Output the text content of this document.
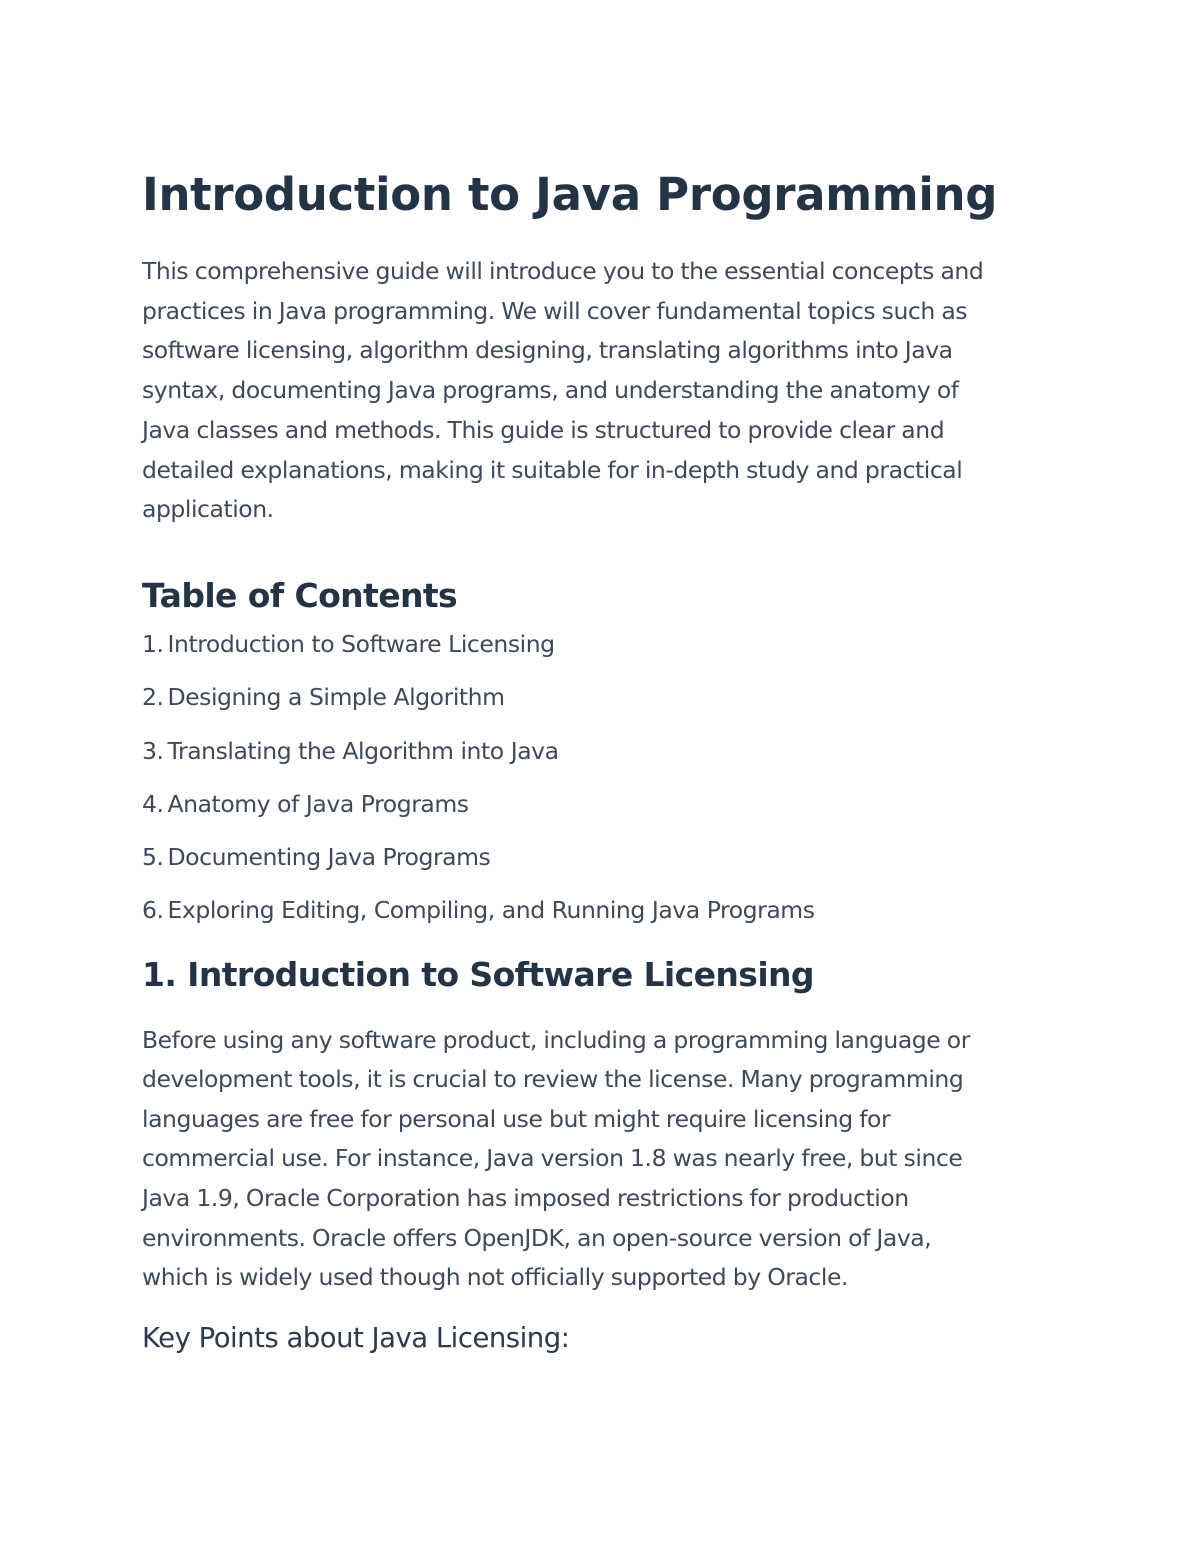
Introduction to Java Programming

This comprehensive guide will introduce you to the essential concepts and
practices in Java programming. We will cover fundamental topics such as
software licensing, algorithm designing, translating algorithms into Java
syntax, documenting Java programs, and understanding the anatomy of
Java classes and methods. This guide is structured to provide clear and
detailed explanations, making it suitable for in-depth study and practical
application.

Table of Contents
1. Introduction to Software Licensing
2. Designing a Simple Algorithm
3. Translating the Algorithm into Java
4. Anatomy of Java Programs
5. Documenting Java Programs
6. Exploring Editing, Compiling, and Running Java Programs
1. Introduction to Software Licensing

Before using any software product, including a programming language or
development tools, it is crucial to review the license. Many programming
languages are free for personal use but might require licensing for
commercial use. For instance, Java version 1.8 was nearly free, but since
Java 1.9, Oracle Corporation has imposed restrictions for production
environments. Oracle offers OpenJDK, an open-source version of Java,
which is widely used though not officially supported by Oracle.

Key Points about Java Licensing:
